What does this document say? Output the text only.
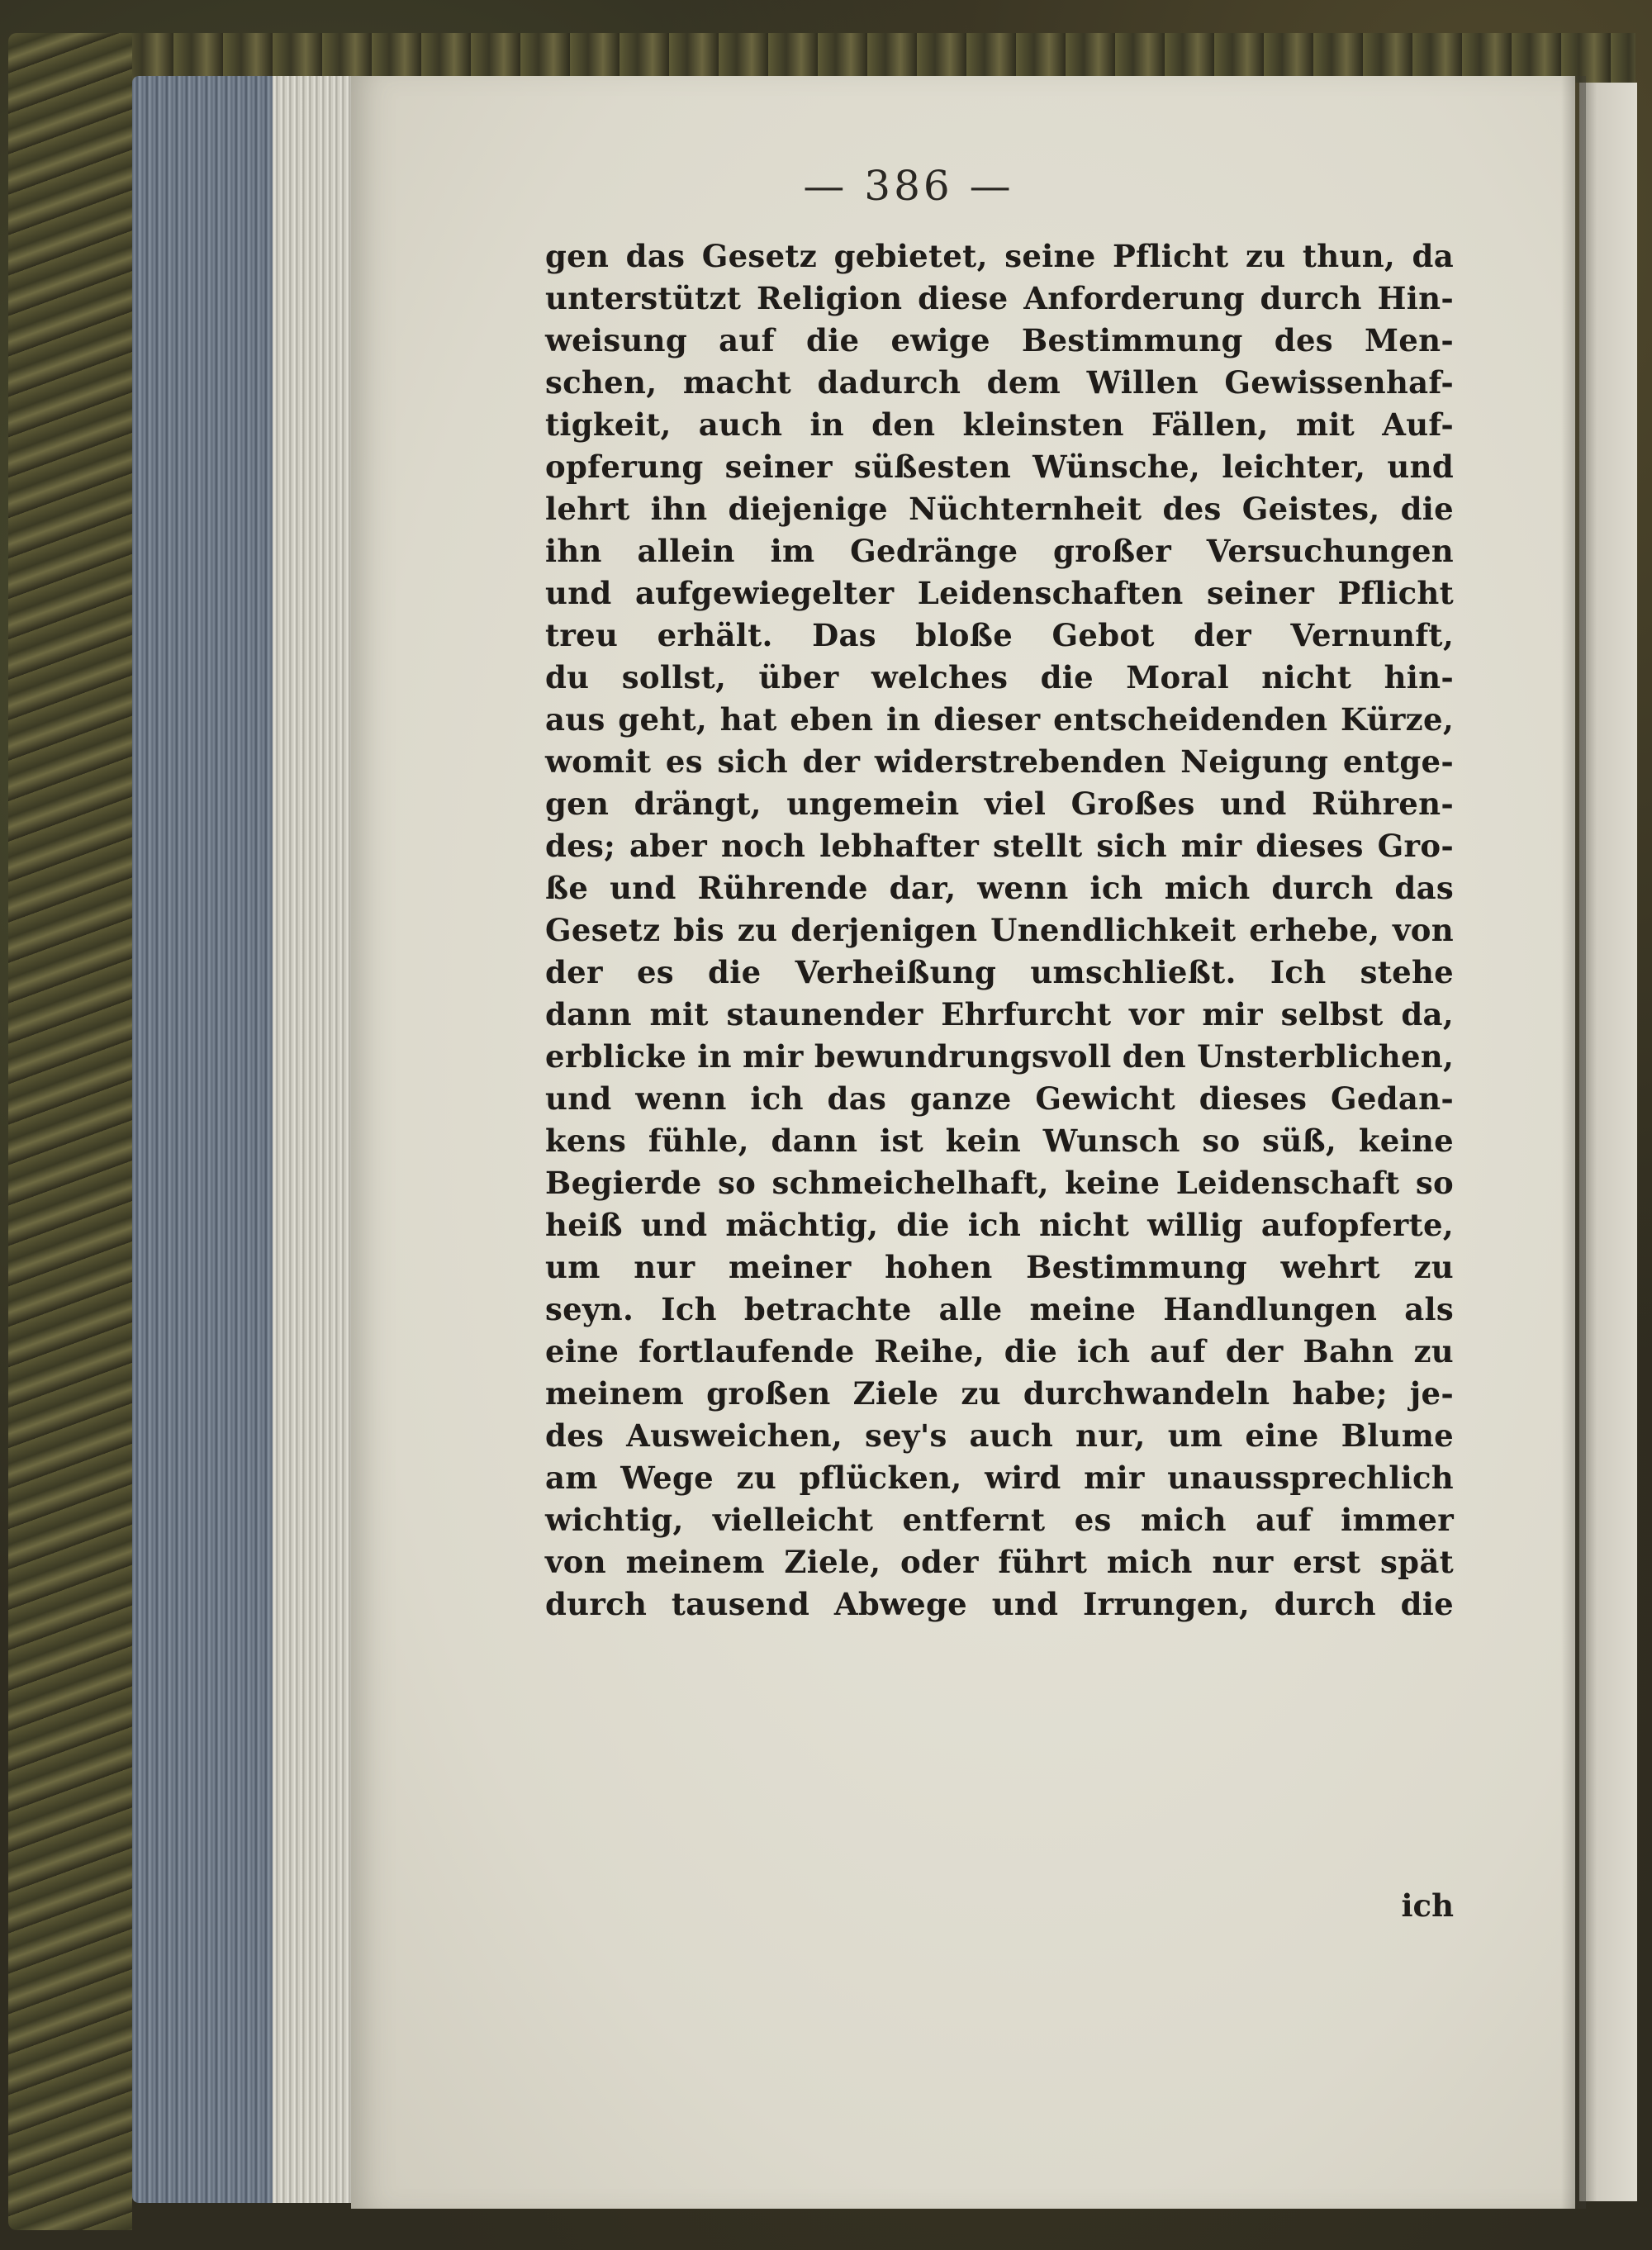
— 386 —
gen das Gesetz gebietet, seine Pflicht zu thun, da
unterstützt Religion diese Anforderung durch Hin-
weisung auf die ewige Bestimmung des Men-
schen, macht dadurch dem Willen Gewissenhaf-
tigkeit, auch in den kleinsten Fällen, mit Auf-
opferung seiner süßesten Wünsche, leichter, und
lehrt ihn diejenige Nüchternheit des Geistes, die
ihn allein im Gedränge großer Versuchungen
und aufgewiegelter Leidenschaften seiner Pflicht
treu erhält. Das bloße Gebot der Vernunft,
du sollst, über welches die Moral nicht hin-
aus geht, hat eben in dieser entscheidenden Kürze,
womit es sich der widerstrebenden Neigung entge-
gen drängt, ungemein viel Großes und Rühren-
des; aber noch lebhafter stellt sich mir dieses Gro-
ße und Rührende dar, wenn ich mich durch das
Gesetz bis zu derjenigen Unendlichkeit erhebe, von
der es die Verheißung umschließt. Ich stehe
dann mit staunender Ehrfurcht vor mir selbst da,
erblicke in mir bewundrungsvoll den Unsterblichen,
und wenn ich das ganze Gewicht dieses Gedan-
kens fühle, dann ist kein Wunsch so süß, keine
Begierde so schmeichelhaft, keine Leidenschaft so
heiß und mächtig, die ich nicht willig aufopferte,
um nur meiner hohen Bestimmung wehrt zu
seyn. Ich betrachte alle meine Handlungen als
eine fortlaufende Reihe, die ich auf der Bahn zu
meinem großen Ziele zu durchwandeln habe; je-
des Ausweichen, sey's auch nur, um eine Blume
am Wege zu pflücken, wird mir unaussprechlich
wichtig, vielleicht entfernt es mich auf immer
von meinem Ziele, oder führt mich nur erst spät
durch tausend Abwege und Irrungen, durch die
ich
